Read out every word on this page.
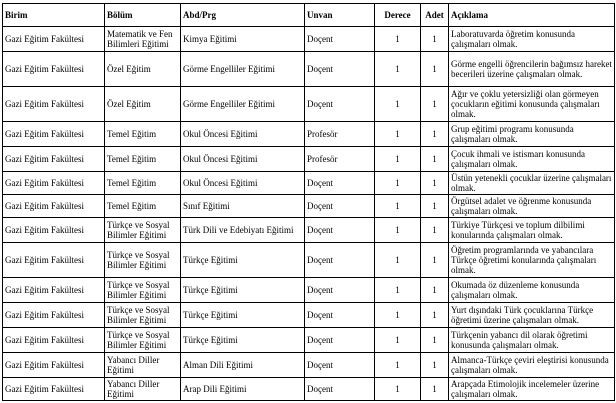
Birim	Bölüm	Abd/Prg	Unvan	Derece	Adet	Açıklama
Gazi Eğitim Fakültesi	Matematik ve Fen Bilimleri Eğitimi	Kimya Eğitimi	Doçent	1	1	Laboratuvarda öğretim konusunda çalışmaları olmak.
Gazi Eğitim Fakültesi	Özel Eğitim	Görme Engelliler Eğitimi	Doçent	1	1	Görme engelli öğrencilerin bağımsız hareket becerileri üzerine çalışmaları olmak.
Gazi Eğitim Fakültesi	Özel Eğitim	Görme Engelliler Eğitimi	Doçent	1	1	Ağır ve çoklu yetersizliği olan görmeyen çocukların eğitimi konusunda çalışmaları olmak.
Gazi Eğitim Fakültesi	Temel Eğitim	Okul Öncesi Eğitimi	Profesör	1	1	Grup eğitimi programı konusunda çalışmaları olmak.
Gazi Eğitim Fakültesi	Temel Eğitim	Okul Öncesi Eğitimi	Profesör	1	1	Çocuk ihmali ve istismarı konusunda çalışmaları olmak.
Gazi Eğitim Fakültesi	Temel Eğitim	Okul Öncesi Eğitimi	Doçent	1	1	Üstün yetenekli çocuklar üzerine çalışmaları olmak.
Gazi Eğitim Fakültesi	Temel Eğitim	Sınıf Eğitimi	Doçent	1	1	Örgütsel adalet ve öğrenme konusunda çalışmaları olmak.
Gazi Eğitim Fakültesi	Türkçe ve Sosyal Bilimler Eğitimi	Türk Dili ve Edebiyatı Eğitimi	Doçent	1	1	Türkiye Türkçesi ve toplum dilbilimi konularında çalışmaları olmak.
Gazi Eğitim Fakültesi	Türkçe ve Sosyal Bilimler Eğitimi	Türkçe Eğitimi	Doçent	1	1	Öğretim programlarında ve yabancılara Türkçe öğretimi konularında çalışmaları olmak.
Gazi Eğitim Fakültesi	Türkçe ve Sosyal Bilimler Eğitimi	Türkçe Eğitimi	Doçent	1	1	Okumada öz düzenleme konusunda çalışmaları olmak.
Gazi Eğitim Fakültesi	Türkçe ve Sosyal Bilimler Eğitimi	Türkçe Eğitimi	Doçent	1	1	Yurt dışındaki Türk çocuklarına Türkçe öğretimi üzerine çalışmaları olmak.
Gazi Eğitim Fakültesi	Türkçe ve Sosyal Bilimler Eğitimi	Türkçe Eğitimi	Doçent	1	1	Türkçenin yabancı dil olarak öğretimi konusunda çalışmaları olmak.
Gazi Eğitim Fakültesi	Yabancı Diller Eğitimi	Alman Dili Eğitimi	Doçent	1	1	Almanca-Türkçe çeviri eleştirisi konusunda çalışmaları olmak.
Gazi Eğitim Fakültesi	Yabancı Diller Eğitimi	Arap Dili Eğitimi	Doçent	1	1	Arapçada Etimolojik incelemeler üzerine çalışmaları olmak.
